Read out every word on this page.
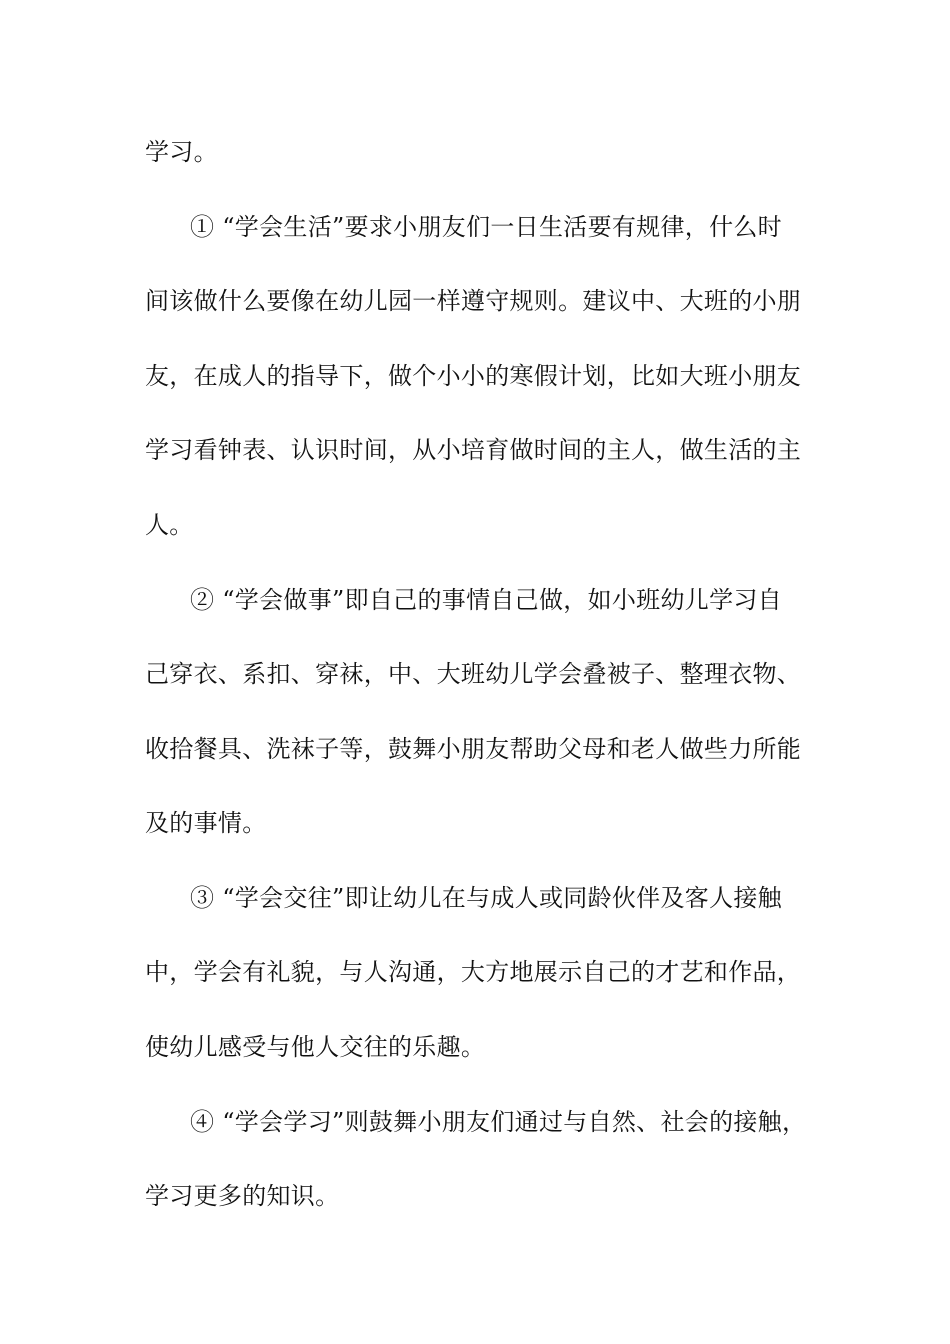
学习。
① “学会生活”要求小朋友们一日生活要有规律，什么时
间该做什么要像在幼儿园一样遵守规则。建议中、大班的小朋
友，在成人的指导下，做个小小的寒假计划，比如大班小朋友
学习看钟表、认识时间，从小培育做时间的主人，做生活的主
人。
② “学会做事”即自己的事情自己做，如小班幼儿学习自
己穿衣、系扣、穿袜，中、大班幼儿学会叠被子、整理衣物、
收拾餐具、洗袜子等，鼓舞小朋友帮助父母和老人做些力所能
及的事情。
③ “学会交往”即让幼儿在与成人或同龄伙伴及客人接触
中，学会有礼貌，与人沟通，大方地展示自己的才艺和作品，
使幼儿感受与他人交往的乐趣。
④ “学会学习”则鼓舞小朋友们通过与自然、社会的接触，
学习更多的知识。
